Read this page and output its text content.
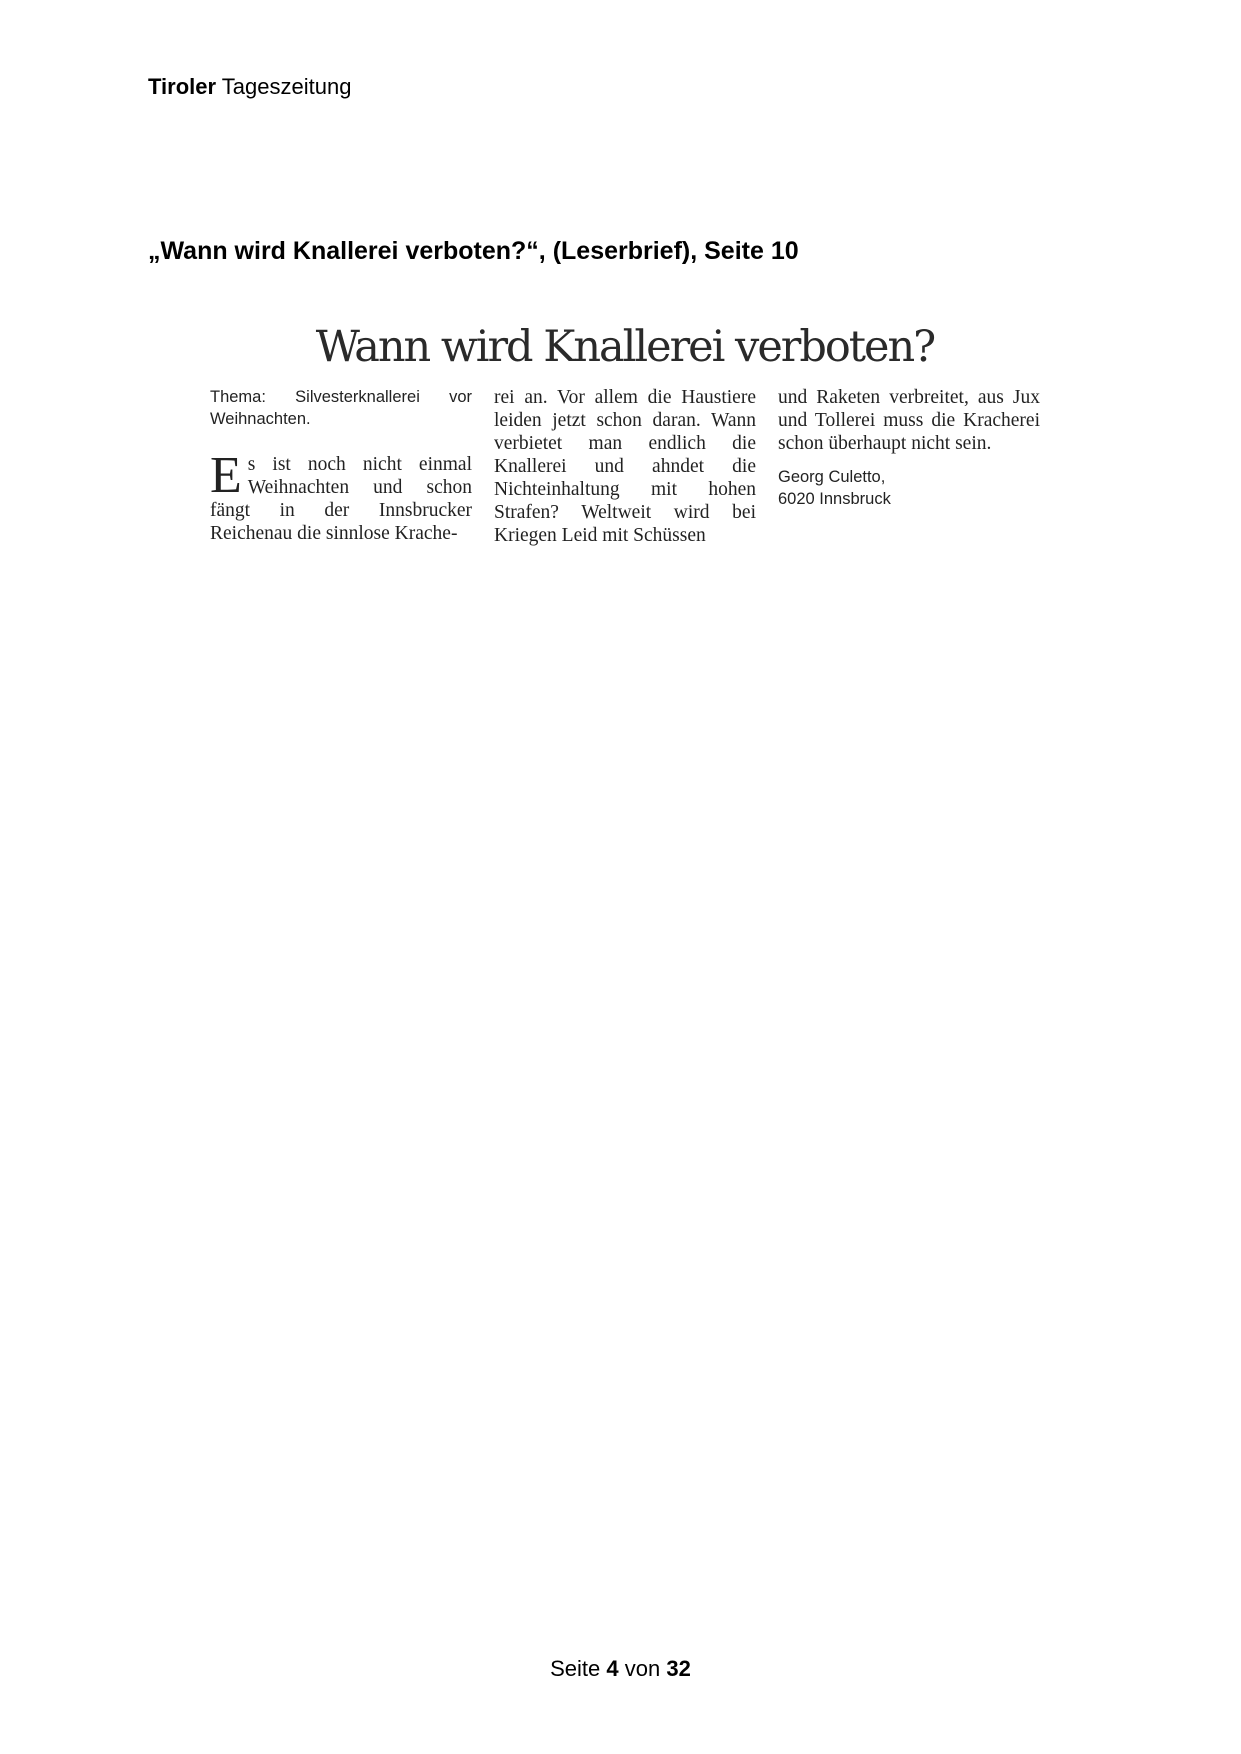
Tiroler Tageszeitung
„Wann wird Knallerei verboten?“, (Leserbrief), Seite 10
Wann wird Knallerei verboten?

Thema: Silvesterknallerei vor Weihnachten.

Es ist noch nicht einmal Weihnachten und schon fängt in der Innsbrucker Reichenau die sinnlose Krache-

rei an. Vor allem die Haustiere leiden jetzt schon daran. Wann verbietet man endlich die Knallerei und ahndet die Nichteinhaltung mit hohen Strafen? Weltweit wird bei Kriegen Leid mit Schüssen

und Raketen verbreitet, aus Jux und Tollerei muss die Kracherei schon überhaupt nicht sein.

Georg Culetto,
6020 Innsbruck

Seite 4 von 32
